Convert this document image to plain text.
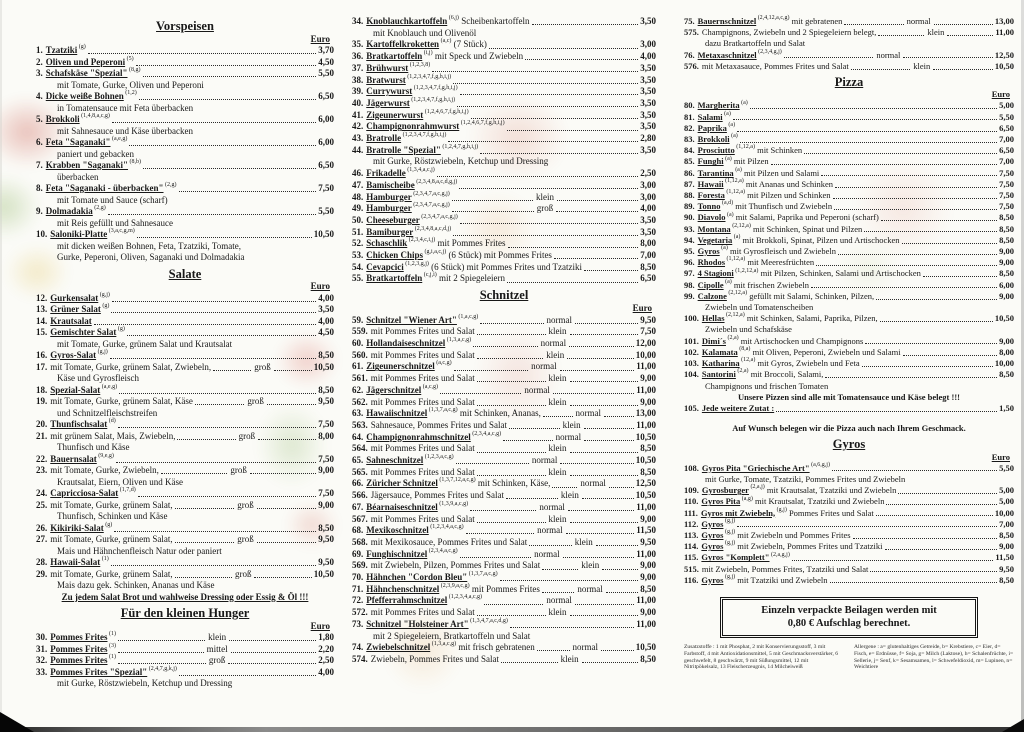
Vorspeisen
Euro
1. Tzatziki $^{(g)}$	3,70
2. Oliven und Peperoni $^{(5)}$	4,50
3. Schafskäse "Spezial" $^{(8,g)}$	5,50
mit Tomate, Gurke, Oliven und Peperoni
4. Dicke weiße Bohnen $^{(1,2)}$	6,50
in Tomatensauce mit Feta überbacken
5. Brokkoli $^{(1,4,8,a,c,g)}$	6,00
mit Sahnesauce und Käse überbacken
6. Feta "Saganaki" $^{(a,e,g)}$	6,00
paniert und gebacken
7. Krabben "Saganaki" $^{(8,b)}$	6,50
überbacken
8. Feta "Saganaki - überbacken" $^{(2,g)}$	7,50
mit Tomate und Sauce (scharf)
9. Dolmadakia $^{(2,g)}$	5,50
mit Reis gefüllt und Sahnesauce
10. Saloniki-Platte $^{(3,a,c,g,m)}$	10,50
mit dicken weißen Bohnen, Feta, Tzatziki, Tomate,
Gurke, Peperoni, Oliven, Saganaki und Dolmadakia
Salate
Euro
12. Gurkensalat $^{(g,j)}$	4,00
13. Grüner Salat $^{(g)}$	3,50
14. Krautsalat	4,00
15. Gemischter Salat $^{(g)}$	4,50
mit Tomate, Gurke, grünem Salat und Krautsalat
16. Gyros-Salat $^{(g,j)}$	8,50
17. mit Tomate, Gurke, grünem Salat, Zwiebeln,	groß	10,50
Käse und Gyrosfleisch
18. Spezial-Salat $^{(a,e,g)}$	8,50
19. mit Tomate, Gurke, grünem Salat, Käse	groß	9,50
und Schnitzelfleischstreifen
20. Thunfischsalat $^{(d)}$	7,50
21. mit grünem Salat, Mais, Zwiebeln,	groß	8,00
Thunfisch und Käse
22. Bauernsalat $^{(9,e,g)}$	7,50
23. mit Tomate, Gurke, Zwiebeln,	groß	9,00
Krautsalat, Eiern, Oliven und Käse
24. Capricciosa-Salat $^{(1,7,d)}$	7,50
25. mit Tomate, Gurke, grünem Salat,	groß	9,00
Thunfisch, Schinken und Käse
26. Kikiriki-Salat $^{(g)}$	8,50
27. mit Tomate, Gurke, grünem Salat,	groß	9,50
Mais und Hähnchenfleisch Natur oder paniert
28. Hawaii-Salat $^{(1)}$	9,50
29. mit Tomate, Gurke, grünem Salat,	groß	10,50
Mais dazu gek. Schinken, Ananas und Käse
Zu jedem Salat Brot und wahlweise Dressing oder Essig & Öl !!!
Für den kleinen Hunger
Euro
30. Pommes Frites $^{(1)}$	klein	1,80
31. Pommes Frites $^{(3)}$	mittel	2,20
32. Pommes Frites $^{(1)}$	groß	2,50
33. Pommes Frites "Spezial" $^{(2,4,7,g,k,j)}$	4,00
mit Gurke, Röstzwiebeln, Ketchup und Dressing
34. Knoblauchkartoffeln $^{(6,j)}$ Scheibenkartoffeln	3,50
mit Knoblauch und Olivenöl
35. Kartoffelkroketten $^{(a,c)}$ (7 Stück)	3,00
36. Bratkartoffeln $^{(i,j)}$ mit Speck und Zwiebeln	4,00
37. Brühwurst $^{(1,2,3,8)}$	3,50
38. Bratwurst $^{(1,2,3,4,7,f,g,h,i,j)}$	3,50
39. Currywurst $^{(1,2,3,4,7,f,g,h,i,j)}$	3,50
40. Jägerwurst $^{(1,2,3,4,7,f,g,h,i,j)}$	3,50
41. Zigeunerwurst $^{(1,2,4,6,7,f,g,h,i,j)}$	3,50
42. Champignonrahmwurst $^{(1,2,4,6,7,f,g,h,i,j)}$	3,50
43. Bratrolle $^{(1,2,3,4,7,f,g,h,i,j)}$	2,80
44. Bratrolle "Spezial" $^{(1,2,4,7,g,h,i,j)}$	3,50
mit Gurke, Röstzwiebeln, Ketchup und Dressing
46. Frikadelle $^{(1,3,4,a,c,j)}$	2,50
47. Bamischeibe $^{(2,3,4,8,a,c,d,g,j)}$	3,00
48. Hamburger $^{(2,3,4,7,a,c,g,j)}$	klein	3,00
49. Hamburger $^{(2,3,4,7,a,c,g,j)}$	groß	4,00
50. Cheeseburger $^{(2,3,4,7,a,c,g,j)}$	3,50
51. Bamiburger $^{(2,3,4,8,a,c,d,j)}$	3,50
52. Schaschlik $^{(2,3,4,c,i,j)}$ mit Pommes Frites	8,00
53. Chicken Chips $^{(g,i,a,c,j)}$ (6 Stück) mit Pommes Frites	7,00
54. Cevapcici $^{(1,2,3,g,j)}$ (6 Stück) mit Pommes Frites und Tzatziki	8,50
55. Bratkartoffeln $^{(c,j,i)}$ mit 2 Spiegeleiern	6,50
Schnitzel
Euro
59. Schnitzel "Wiener Art" $^{(1,a,c,g)}$	normal	9,50
559. mit Pommes Frites und Salat	klein	7,50
60. Hollandaiseschnitzel $^{(1,3,a,c,g)}$	normal	12,00
560. mit Pommes Frites und Salat	klein	10,00
61. Zigeunerschnitzel $^{(a,c,g)}$	normal	11,00
561. mit Pommes Frites und Salat	klein	9,00
62. Jägerschnitzel $^{(a,c,g)}$	normal	11,00
562. mit Pommes Frites und Salat	klein	9,00
63. Hawaiischnitzel $^{(1,3,7,a,c,g)}$ mit Schinken, Ananas,	normal	13,00
563. Sahnesauce, Pommes Frites und Salat	klein	11,00
64. Champignonrahmschnitzel $^{(2,3,4,a,c,g)}$	normal	10,50
564. mit Pommes Frites und Salat	klein	8,50
65. Sahneschnitzel $^{(1,2,3,a,c,g)}$	normal	10,50
565. mit Pommes Frites und Salat	klein	8,50
66. Züricher Schnitzel $^{(1,3,7,12,a,c,g)}$ mit Schinken, Käse,	normal	12,50
566. Jägersauce, Pommes Frites und Salat	klein	10,50
67. Béarnaiseschnitzel $^{(1,3,9,a,c,g)}$	normal	11,00
567. mit Pommes Frites und Salat	klein	9,00
68. Mexikoschnitzel $^{(1,2,3,4,a,c,g)}$	normal	11,50
568. mit Mexikosauce, Pommes Frites und Salat	klein	9,50
69. Funghischnitzel $^{(2,3,4,a,c,g)}$	normal	11,00
569. mit Zwiebeln, Pilzen, Pommes Frites und Salat	klein	9,00
70. Hähnchen "Cordon Bleu" $^{(1,3,7,a,c,g)}$	9,00
71. Hähnchenschnitzel $^{(2,3,9,a,c,g)}$ mit Pommes Frites	normal	8,50
72. Pfefferrahmschnitzel $^{(1,2,3,4,a,c,g)}$	normal	11,00
572. mit Pommes Frites und Salat	klein	9,00
73. Schnitzel "Holsteiner Art" $^{(1,3,4,7,a,c,d,g)}$	11,00
mit 2 Spiegeleiern, Bratkartoffeln und Salat
74. Zwiebelschnitzel $^{(1,3,a,c,g)}$ mit frisch gebratenen	normal	10,50
574. Zwiebeln, Pommes Frites und Salat	klein	8,50
75. Bauernschnitzel $^{(2,4,12,a,c,g)}$ mit gebratenen	normal	13,00
575. Champignons, Zwiebeln und 2 Spiegeleiern belegt,	klein	11,00
dazu Bratkartoffeln und Salat
76. Metaxaschnitzel $^{(2,3,4,g,j)}$	normal	12,50
576. mit Metaxasauce, Pommes Frites und Salat	klein	10,50
Pizza
Euro
80. Margherita $^{(a)}$	5,00
81. Salami $^{(a)}$	5,50
82. Paprika $^{(a)}$	6,50
83. Brokkoli $^{(a)}$	7,00
84. Prosciutto $^{(1,12,a)}$ mit Schinken	6,50
85. Funghi $^{(a)}$ mit Pilzen	7,00
86. Tarantina $^{(a)}$ mit Pilzen und Salami	7,50
87. Hawaii $^{(1,12,a)}$ mit Ananas und Schinken	7,50
88. Foresta $^{(1,12,a)}$ mit Pilzen und Schinken	7,50
89. Tonno $^{(a,d)}$ mit Thunfisch und Zwiebeln	7,50
90. Diavolo $^{(a)}$ mit Salami, Paprika und Peperoni (scharf)	8,50
93. Montana $^{(2,12,a)}$ mit Schinken, Spinat und Pilzen	8,50
94. Vegetaria $^{(a)}$ mit Brokkoli, Spinat, Pilzen und Artischocken	8,50
95. Gyros $^{(a)}$ mit Gyrosfleisch und Zwiebeln	9,00
96. Rhodos $^{(1,12,a)}$ mit Meeresfrüchten	9,00
97. 4 Stagioni $^{(1,2,12,a)}$ mit Pilzen, Schinken, Salami und Artischocken	8,50
98. Cipolle $^{(a)}$ mit frischen Zwiebeln	6,00
99. Calzone $^{(2,12,a)}$ gefüllt mit Salami, Schinken, Pilzen,	9,00
Zwiebeln und Tomatenscheiben
100. Hellas $^{(2,12,a)}$ mit Schinken, Salami, Paprika, Pilzen,	10,50
Zwiebeln und Schafskäse
101. Dimi´s $^{(2,a)}$ mit Artischocken und Champignons	9,00
102. Kalamata $^{(8,a)}$ mit Oliven, Peperoni, Zwiebeln und Salami	8,00
103. Katharina $^{(12,a)}$ mit Gyros, Zwiebeln und Feta	10,00
104. Santorini $^{(2,a)}$ mit Broccoli, Salami,	8,50
Champignons und frischen Tomaten
Unsere Pizzen sind alle mit Tomatensauce und Käse belegt !!!
105. Jede weitere Zutat :	1,50
Auf Wunsch belegen wir die Pizza auch nach Ihrem Geschmack.
Gyros
Euro
108. Gyros Pita "Griechische Art" $^{(a,6,g,j)}$	5,50
mit Gurke, Tomate, Tzatziki, Pommes Frites und Zwiebeln
109. Gyrosburger $^{(2,a,j)}$ mit Krautsalat, Tzatziki und Zwiebeln	5,00
110. Gyros Pita $^{(a,g)}$ mit Krautsalat, Tzatziki und Zwiebeln	5,00
111. Gyros mit Zwiebeln, $^{(g,j)}$ Pommes Frites und Salat	10,00
112. Gyros $^{(g,j)}$	7,00
113. Gyros $^{(g,j)}$ mit Zwiebeln und Pommes Frites	8,50
114. Gyros $^{(g,j)}$ mit Zwiebeln, Pommes Frites und Tzatziki	9,00
115. Gyros "Komplett" $^{(2,a,g,j)}$	11,50
515. mit Zwiebeln, Pommes Frites, Tzatziki und Salat	9,50
116. Gyros $^{(g,j)}$ mit Tzatziki und Zwiebeln	8,50
Einzeln verpackte Beilagen werden mit
0,80 € Aufschlag berechnet.
Zusatzstoffe : 1 mit Phosphat, 2 mit Konservierungsstoff, 3 mit Farbstoff, 4 mit Antioxidationsmittel, 5 mit Geschmacksverstärker, 6 geschwefelt, 8 geschwärzt, 9 mit Süßungsmittel, 12 mit Nitritpökelsalz, 13 Fleischerzeugnis, 14 Milcheiweiß
Allergene : a= glutenhaltiges Getreide, b= Krebstiere, c= Eier, d= Fisch, e= Erdnüsse, f= Soja, g= Milch (Laktose), h= Schalenfrüchte, i= Sellerie, j= Senf, k= Sesamsamen, l= Schwefeldioxid, m= Lupinen, n= Weichtiere
